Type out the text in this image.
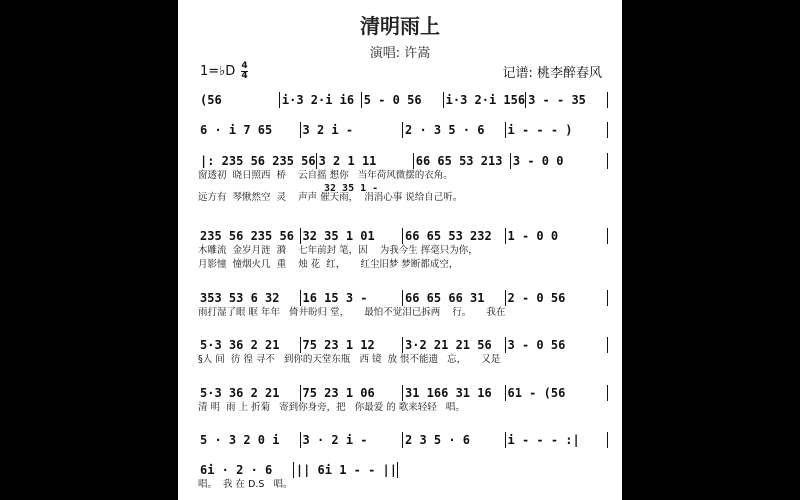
清明雨上
演唱: 许嵩
1=♭D 4
4	记谱: 桃李醉春风
(56	i·3 2·i i6 5 - 0 56	i·3 2·i 156 3 - - 35
6 · i 7 65	3 2 i -	2 · 3 5 · 6	i - - - )
|: 235 56 235 56 3 2 1 11	66 65 53 213 3 - 0 0
窗透初  晓日照西  桥    云自摇 想你   当年荷风微摆的衣角。
32 35 1 -
远方有  琴愀然空  灵    声声 催天雨，  涓涓心事 说给自己听。
235 56 235 56 32 35 1 01	66 65 53 232	1 - 0 0
木雕流  金岁月涟  漪    七年前封 笔，因    为我今生 挥毫只为你，
月影憧  憧烟火几  重    烛 花  红，     红尘旧梦 梦断都成空，
353 53 6 32	16 15 3 -	66 65 66 31	2 - 0 56
雨打湿了眼 眶 年年   倚井盼归 堂，     最怕不觉泪已拆两    行。     我在
5·3 36 2 21	75 23 1 12	3·2 21 21 56	3 - 0 56
§人 间  彷 徨 寻不   到你的天堂东瓶   西 镜  放 恨不能遗   忘，     又是
5·3 36 2 21	75 23 1 06	31 166 31 16	61 - (56
清 明  雨 上 折菊   寄到你身旁，把   你最爱 的 歌来轻轻   唱。
5 · 3 2 0 i	3 · 2 i -	2 3 5 · 6	i - - - :|
6i · 2 · 6	|| 6i 1 - - ||
唱。  我 在 D.S   唱。
